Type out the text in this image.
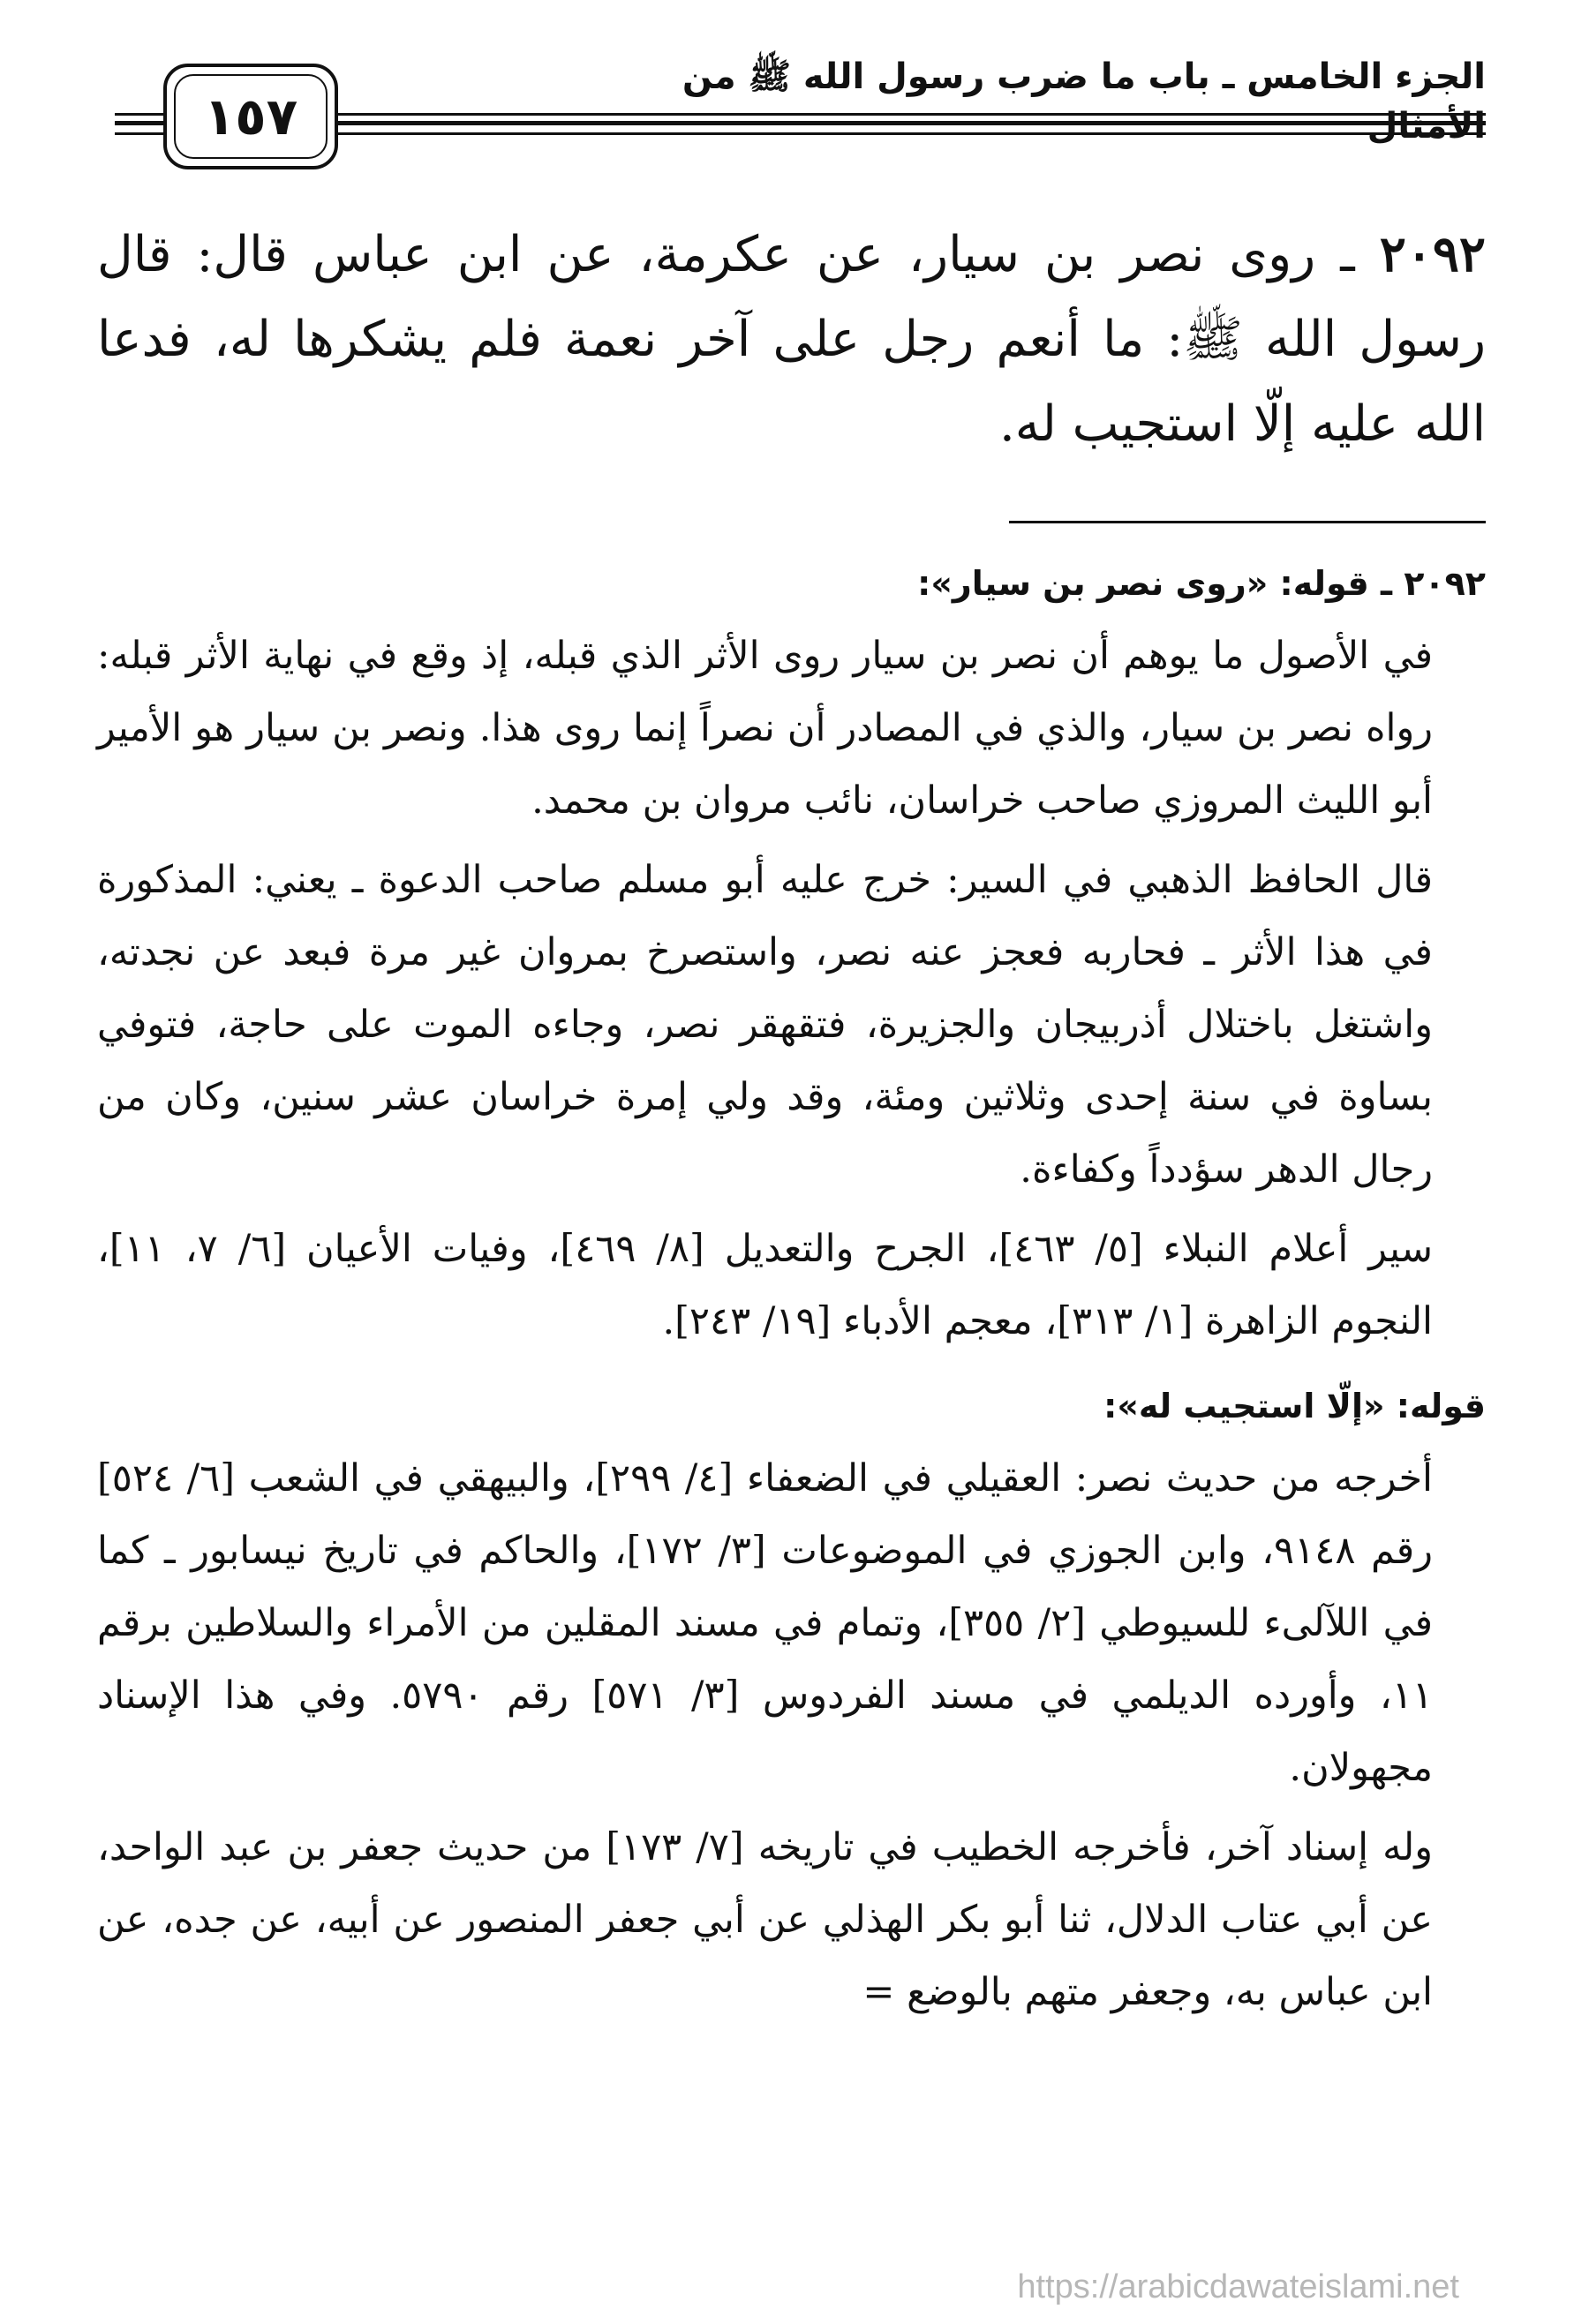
الجزء الخامس ـ باب ما ضرب رسول الله ﷺ من الأمثال
١٥٧
٢٠٩٢ ـ روى نصر بن سيار، عن عكرمة، عن ابن عباس قال: قال رسول الله ﷺ: ما أنعم رجل على آخر نعمة فلم يشكرها له، فدعا الله عليه إلّا استجيب له.

٢٠٩٢ ـ قوله: «روى نصر بن سيار»:

في الأصول ما يوهم أن نصر بن سيار روى الأثر الذي قبله، إذ وقع في نهاية الأثر قبله: رواه نصر بن سيار، والذي في المصادر أن نصراً إنما روى هذا. ونصر بن سيار هو الأمير أبو الليث المروزي صاحب خراسان، نائب مروان بن محمد.

قال الحافظ الذهبي في السير: خرج عليه أبو مسلم صاحب الدعوة ـ يعني: المذكورة في هذا الأثر ـ فحاربه فعجز عنه نصر، واستصرخ بمروان غير مرة فبعد عن نجدته، واشتغل باختلال أذربيجان والجزيرة، فتقهقر نصر، وجاءه الموت على حاجة، فتوفي بساوة في سنة إحدى وثلاثين ومئة، وقد ولي إمرة خراسان عشر سنين، وكان من رجال الدهر سؤدداً وكفاءة.

سير أعلام النبلاء [٥/ ٤٦٣]، الجرح والتعديل [٨/ ٤٦٩]، وفيات الأعيان [٦/ ٧، ١١]، النجوم الزاهرة [١/ ٣١٣]، معجم الأدباء [١٩/ ٢٤٣].

قوله: «إلّا استجيب له»:

أخرجه من حديث نصر: العقيلي في الضعفاء [٤/ ٢٩٩]، والبيهقي في الشعب [٦/ ٥٢٤] رقم ٩١٤٨، وابن الجوزي في الموضوعات [٣/ ١٧٢]، والحاكم في تاريخ نيسابور ـ كما في اللآلىء للسيوطي [٢/ ٣٥٥]، وتمام في مسند المقلين من الأمراء والسلاطين برقم ١١، وأورده الديلمي في مسند الفردوس [٣/ ٥٧١] رقم ٥٧٩٠. وفي هذا الإسناد مجهولان.

وله إسناد آخر، فأخرجه الخطيب في تاريخه [٧/ ١٧٣] من حديث جعفر بن عبد الواحد، عن أبي عتاب الدلال، ثنا أبو بكر الهذلي عن أبي جعفر المنصور عن أبيه، عن جده، عن ابن عباس به، وجعفر متهم بالوضع =

https://arabicdawateislami.net
